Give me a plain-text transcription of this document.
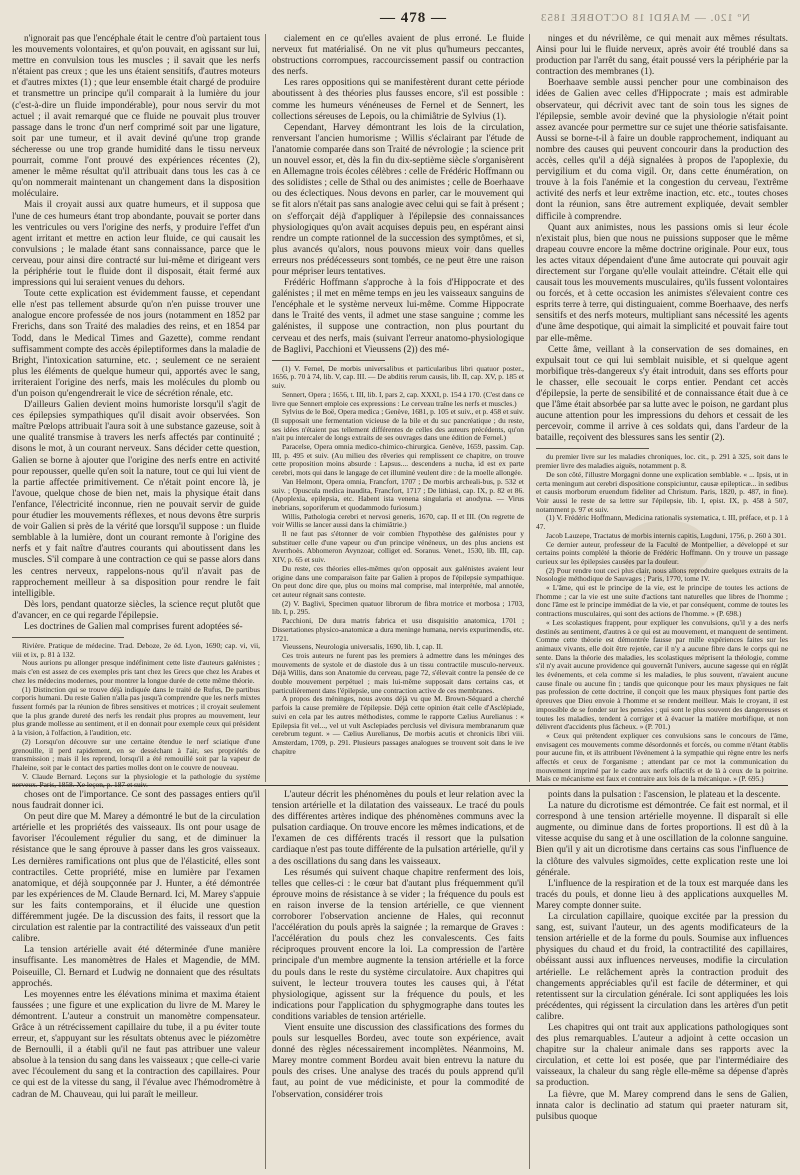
— 478 —	Nº 120. — MARDI 18 OCTOBRE 1853

n'ignorait pas que l'encéphale était le centre d'où partaient tous les mouvements volontaires, et qu'on pouvait, en agissant sur lui, mettre en convulsion tous les muscles ; il savait que les nerfs n'étaient pas creux ; que les uns étaient sensitifs, d'autres moteurs et d'autres mixtes (1) ; que leur ensemble était chargé de produire et transmettre un principe qu'il comparait à la lumière du jour (c'est-à-dire un fluide impondérable), pour nous servir du mot actuel ; il avait remarqué que ce fluide ne pouvait plus trouver passage dans le tronc d'un nerf comprimé soit par une ligature, soit par une tumeur, et il avait deviné qu'une trop grande sécheresse ou une trop grande humidité dans le tissu nerveux pourrait, comme l'ont prouvé des expériences récentes (2), amener le même résultat qu'il attribuait dans tous les cas à ce qu'on nommerait maintenant un changement dans la disposition moléculaire.

Mais il croyait aussi aux quatre humeurs, et il supposa que l'une de ces humeurs étant trop abondante, pouvait se porter dans les ventricules ou vers l'origine des nerfs, y produire l'effet d'un agent irritant et mettre en action leur fluide, ce qui causait les convulsions ; le malade étant sans connaissance, parce que le cerveau, pour ainsi dire contracté sur lui-même et dirigeant vers la périphérie tout le fluide dont il disposait, était fermé aux impressions qui lui seraient venues du dehors.

Toute cette explication est évidemment fausse, et cependant elle n'est pas tellement absurde qu'on n'en puisse trouver une analogue encore professée de nos jours (notamment en 1852 par Frerichs, dans son Traité des maladies des reins, et en 1854 par Todd, dans le Medical Times and Gazette), comme rendant suffisamment compte des accès épileptiformes dans la maladie de Bright, l'intoxication saturnine, etc. ; seulement ce ne seraient plus les éléments de quelque humeur qui, apportés avec le sang, irriteraient l'origine des nerfs, mais les molécules du plomb ou d'un poison qu'engendrerait le vice de sécrétion rénale, etc.

D'ailleurs Galien devient moins humoriste lorsqu'il s'agit de ces épilepsies sympathiques qu'il disait avoir observées. Son maître Pœlops attribuait l'aura soit à une substance gazeuse, soit à une qualité transmise à travers les nerfs affectés par continuité ; disons le mot, à un courant nerveux. Sans décider cette question, Galien se borne à ajouter que l'origine des nerfs entre en activité pour repousser, quelle qu'en soit la nature, tout ce qui lui vient de la partie affectée primitivement. Ce n'était point encore là, je l'avoue, quelque chose de bien net, mais la physique était dans l'enfance, l'électricité inconnue, rien ne pouvait servir de guide pour étudier les mouvements réflexes, et nous devons être surpris de voir Galien si près de la vérité que lorsqu'il suppose : un fluide semblable à la lumière, dont un courant remonte à l'origine des nerfs et y fait naître d'autres courants qui aboutissent dans les muscles. S'il compare à une contraction ce qui se passe alors dans les centres nerveux, rappelons-nous qu'il n'avait pas de rapprochement meilleur à sa disposition pour rendre le fait intelligible.

Dès lors, pendant quatorze siècles, la science reçut plutôt que d'avancer, en ce qui regarde l'épilepsie.

Les doctrines de Galien mal comprises furent adoptées sé-

Rivière. Pratique de médecine. Trad. Deboze, 2e éd. Lyon, 1690; cap. vi, vii, viii et ix, p. 81 à 132.

Nous aurions pu allonger presque indéfiniment cette liste d'auteurs galénistes ; mais c'en est assez de ces exemples pris tant chez les Grecs que chez les Arabes et chez les médecins modernes, pour montrer la longue durée de cette même théorie.

(1) Distinction qui se trouve déjà indiquée dans le traité de Rufus, De partibus corporis humani. Du reste Galien n'alla pas jusqu'à comprendre que les nerfs mixtes fussent formés par la réunion de fibres sensitives et motrices ; il croyait seulement que la plus grande dureté des nerfs les rendait plus propres au mouvement, leur plus grande mollesse au sentiment, et il en donnait pour exemple ceux qui président à la vision, à l'olfaction, à l'audition, etc.

(2) Lorsqu'on découvre sur une certaine étendue le nerf sciatique d'une grenouille, il perd rapidement, en se desséchant à l'air, ses propriétés de transmission ; mais il les reprend, lorsqu'il a été remouillé soit par la vapeur de l'haleine, soit par le contact des parties molles dont on le couvre de nouveau.

V. Claude Bernard. Leçons sur la physiologie et la pathologie du système nerveux. Paris, 1858. Xe leçon, p. 187 et suiv.

cialement en ce qu'elles avaient de plus erroné. Le fluide nerveux fut matérialisé. On ne vit plus qu'humeurs peccantes, obstructions corrompues, raccourcissement passif ou contraction des nerfs.

Les rares oppositions qui se manifestèrent durant cette période aboutissent à des théories plus fausses encore, s'il est possible : comme les humeurs vénéneuses de Fernel et de Sennert, les collections séreuses de Lepois, ou la chimiâtrie de Sylvius (1).

Cependant, Harvey démontrant les lois de la circulation, renversant l'ancien humorisme ; Willis s'éclairant par l'étude de l'anatomie comparée dans son Traité de névrologie ; la science prit un nouvel essor, et, dès la fin du dix-septième siècle s'organisèrent en Allemagne trois écoles célèbres : celle de Frédéric Hoffmann ou des solidistes ; celle de Sthal ou des animistes ; celle de Boerhaave ou des éclectiques. Nous devons en parler, car le mouvement qui se fit alors n'était pas sans analogie avec celui qui se fait à présent ; on s'efforçait déjà d'appliquer à l'épilepsie des connaissances physiologiques qu'on avait acquises depuis peu, en espérant ainsi rendre un compte rationnel de la succession des symptômes, et si, plus avancés qu'alors, nous pouvons mieux voir dans quelles erreurs nos prédécesseurs sont tombés, ce ne peut être une raison pour mépriser leurs tentatives.

Frédéric Hoffmann s'approche à la fois d'Hippocrate et des galénistes ; il met en même temps en jeu les vaisseaux sanguins de l'encéphale et le système nerveux lui-même. Comme Hippocrate dans le Traité des vents, il admet une stase sanguine ; comme les galénistes, il suppose une contraction, non plus pourtant du cerveau et des nerfs, mais (suivant l'erreur anatomo-physiologique de Baglivi, Pacchioni et Vieussens (2)) des mé-

(1) V. Fernel, De morbis universalibus et particularibus libri quatuor poster., 1656, p. 70 à 74, lib. V, cap. III. — De abditis rerum causis, lib. II, cap. XV, p. 185 et suiv.

Sennert, Opera ; 1656, t. III, lib. I, pars 2, cap. XXXI, p. 154 à 170. (C'est dans ce livre que Sennert emploie ces expressions : Le cerveau traîne les nerfs et muscles.)

Sylvius de le Boë, Opera medica ; Genève, 1681, p. 105 et suiv., et p. 458 et suiv. (Il supposait une fermentation vicieuse de la bile et du suc pancréatique ; du reste, ses idées n'étaient pas tellement différentes de celles des auteurs précédents, qu'on n'ait pu intercaler de longs extraits de ses ouvrages dans une édition de Fernel.)

Paracelse, Opera omnia medico-chimico-chirurgica. Genève, 1659, passim. Cap. III, p. 495 et suiv. (Au milieu des rêveries qui remplissent ce chapitre, on trouve cette proposition moins absurde : Lapsus.... descendens a nucha, id est ex parte cerebri, mots qui dans le langage de cet illuminé veulent dire : de la moelle allongée.

Van Helmont, Opera omnia, Francfort, 1707 ; De morbis archeali-bus, p. 532 et suiv. ; Opuscula medica inaudita, Francfort, 1717 ; De lithiasi, cap. IX, p. 82 et 86. (Apoplexia, epilepsia, etc. Habent ista venena singularia et anodyna. — Virus inebrians, soporiferum et quodammodo furiosum.)

Willis, Pathologia cerebri et nervosi generis, 1670, cap. II et III. (On regrette de voir Willis se lancer aussi dans la chimiâtrie.)

Il ne faut pas s'étonner de voir combien l'hypothèse des galénistes pour y substituer celle d'une vapeur ou d'un principe vénéneux, un des plus anciens est Averrhoès. Abhomeron Avynzoar, colliget ed. Soranus. Venet., 1530, lib. III, cap. XIV, p. 65 et suiv.

Du reste, ces théories elles-mêmes qu'on opposait aux galénistes avaient leur origine dans une comparaison faite par Galien à propos de l'épilepsie sympathique. On peut donc dire que, plus ou moins mal comprise, mal interprétée, mal annotée, cet auteur régnait sans conteste.

(2) V. Baglivi, Specimen quatuor librorum de fibra motrice et morbosa ; 1703, lib. I, p. 295.

Pacchioni, De dura matris fabrica et usu disquisitio anatomica, 1701 ; Dissertationes physico-anatomicæ a dura meninge humana, nervis expurimendis, etc. 1721.

Vieussens, Neurologia universalis, 1690, lib. I, cap. II.

Ces trois auteurs ne furent pas les premiers à admettre dans les méninges des mouvements de systole et de diastole dus à un tissu contractile musculo-nerveux. Déjà Willis, dans son Anatomie du cerveau, page 72, s'élevait contre la pensée de ce double mouvement perpétuel ; mais lui-même supposait dans certains cas, et particulièrement dans l'épilepsie, une contraction active de ces membranes.

A propos des méninges, nous avons déjà vu que M. Brown-Séquard a cherché parfois la cause première de l'épilepsie. Déjà cette opinion était celle d'Asclépiade, suivi en cela par les autres méthodistes, comme le rapporte Cælius Aurelianus : « Epilepsia fit vel..., vel ut vult Asclepiades perclusis vel divisura membranarum quæ cerebrum tegunt. » — Cælius Aurelianus, De morbis acutis et chronicis libri viii. Amsterdam, 1709, p. 291. Plusieurs passages analogues se trouvent soit dans le ive chapitre

ninges et du névrilème, ce qui menait aux mêmes résultats. Ainsi pour lui le fluide nerveux, après avoir été troublé dans sa production par l'arrêt du sang, était poussé vers la périphérie par la contraction des membranes (1).

Boerhaave semble aussi pencher pour une combinaison des idées de Galien avec celles d'Hippocrate ; mais est admirable observateur, qui décrivit avec tant de soin tous les signes de l'épilepsie, semble avoir deviné que la physiologie n'était point assez avancée pour permettre sur ce sujet une théorie satisfaisante. Aussi se borne-t-il à faire un double rapprochement, indiquant au nombre des causes qui peuvent concourir dans la production des accès, celles qu'il a déjà signalées à propos de l'apoplexie, du pervigilium et du coma vigil. Or, dans cette énumération, on trouve à la fois l'anémie et la congestion du cerveau, l'extrême activité des nerfs et leur extrême inaction, etc. etc., toutes choses dont la réunion, sans être autrement expliquée, devait sembler difficile à comprendre.

Quant aux animistes, nous les passions omis si leur école n'existait plus, bien que nous ne puissions supposer que le même drapeau couvre encore la même doctrine originale. Pour eux, tous les actes vitaux dépendaient d'une âme autocrate qui pouvait agir directement sur l'organe qu'elle voulait atteindre. C'était elle qui causait tous les mouvements musculaires, qu'ils fussent volontaires ou forcés, et à cette occasion les animistes s'élevaient contre ces esprits terre à terre, qui distinguaient, comme Boerhaave, des nerfs sensitifs et des nerfs moteurs, multipliant sans nécessité les agents d'une âme despotique, qui aimait la simplicité et pouvait faire tout par elle-même.

Cette âme, veillant à la conservation de ses domaines, en expulsait tout ce qui lui semblait nuisible, et si quelque agent morbifique très-dangereux s'y était introduit, dans ses efforts pour le chasser, elle secouait le corps entier. Pendant cet accès d'épilepsie, la perte de sensibilité et de connaissance était due à ce que l'âme était absorbée par sa lutte avec le poison, ne gardant plus aucune attention pour les impressions du dehors et cessait de les percevoir, comme il arrive à ces soldats qui, dans l'ardeur de la bataille, reçoivent des blessures sans les sentir (2).

du premier livre sur les maladies chroniques, loc. cit., p. 291 à 325, soit dans le premier livre des maladies aiguës, notamment p. 8.

De son côté, l'illustre Morgagni donne une explication semblable. « ... Ipsis, ut in certa meningum aut cerebri dispositione conspiciuntur, causæ epilepticæ... in sedibus et causis morborum eruendum fideliter ad Christum. Paris, 1820, p. 487, in fine). Voir aussi le reste de sa lettre sur l'épilepsie, lib. I, epist. IX, p. 458 à 507, notamment p. 97 et suiv.

(1) V. Frédéric Hoffmann, Medicina rationalis systematica, t. III, préface, et p. 1 à 47.

Jacob Lauzepe, Tractatus de morbis internis capitis, Lugduni, 1756, p. 260 à 301.

Ce dernier auteur, professeur de la Faculté de Montpellier, a développé et sur certains points complété la théorie de Frédéric Hoffmann. On y trouve un passage curieux sur les épilepsies causées par la douleur.

(2) Pour rendre tout ceci plus clair, nous allons reproduire quelques extraits de la Nosologie méthodique de Sauvages ; Paris, 1770, tome IV.

« L'âme, qui est le principe de la vie, est le principe de toutes les actions de l'homme ; car la vie est une suite d'actions tant naturelles que libres de l'homme ; donc l'âme est le principe immédiat de la vie, et par conséquent, comme de toutes les contractions musculaires, qui sont des actions de l'homme. » (P. 698.)

« Les scolastiques frappent, pour expliquer les convulsions, qu'il y a des nerfs destinés au sentiment, d'autres à ce qui est au mouvement, et manquent de sentiment. Comme cette théorie est démontrée fausse par mille expériences faites sur les animaux vivants, elle doit être rejetée, car il n'y a aucune fibre dans le corps qui ne sente. Dans la théorie des maladies, les scolastiques méprisent la théologie, comme s'il n'y avait aucune providence qui gouvernât l'univers, aucune sagesse qui en réglât les événements, et cela comme si les maladies, le plus souvent, n'avaient aucune cause finale ou aucune fin ; tandis que quiconque pour les maux physiques ne fait pas profession de cette doctrine, il conçoit que les maux physiques font partie des épreuves que Dieu envoie à l'homme et se rendent meilleur. Mais le croyant, il est impossible de se fonder sur les pensées ; qui sont le plus souvent des dangereuses et toutes les maladies, tendent à corriger et à évacuer la matière morbifique, et non délivrent d'accidents plus fâcheux. » (P. 701.)

« Ceux qui prétendent expliquer ces convulsions sans le concours de l'âme, envisagent ces mouvements comme désordonnés et forcés, ou comme n'étant établis pour aucune fin, et ils attribuent l'événement à la sympathie qui règne entre les nerfs affectés et ceux de l'organisme ; attendant par ce mot la communication du mouvement imprimé par le cadre aux nerfs olfactifs et de là à ceux de la poitrine. Mais ce mécanisme est faux et contraire aux lois de la mécanique. » (P. 695.)

choses ont de l'importance. Ce sont des passages entiers qu'il nous faudrait donner ici.

On peut dire que M. Marey a démontré le but de la circulation artérielle et les propriétés des vaisseaux. Ils ont pour usage de favoriser l'écoulement régulier du sang, et de diminuer la résistance que le sang éprouve à passer dans les gros vaisseaux. Les dernières ramifications ont plus que de l'élasticité, elles sont contractiles. Cette propriété, mise en lumière par l'examen anatomique, et déjà soupçonnée par J. Hunter, a été démontrée par les expériences de M. Claude Bernard. Ici, M. Marey s'appuie sur les faits contemporains, et il élucide une question différemment jugée. De la discussion des faits, il ressort que la circulation est ralentie par la contractilité des vaisseaux d'un petit calibre.

La tension artérielle avait été déterminée d'une manière insuffisante. Les manomètres de Hales et Magendie, de MM. Poiseuille, Cl. Bernard et Ludwig ne donnaient que des résultats approchés.

Les moyennes entre les élévations minima et maxima étaient faussées ; une figure et une explication du livre de M. Marey le démontrent. L'auteur a construit un manomètre compensateur. Grâce à un rétrécissement capillaire du tube, il a pu éviter toute erreur, et, s'appuyant sur les résultats obtenus avec le piézomètre de Bernoulli, il a établi qu'il ne faut pas attribuer une valeur absolue à la tension du sang dans les vaisseaux ; que celle-ci varie avec l'écoulement du sang et la contraction des capillaires. Pour ce qui est de la vitesse du sang, il l'évalue avec l'hémodromètre à cadran de M. Chauveau, qui lui paraît le meilleur.

L'auteur décrit les phénomènes du pouls et leur relation avec la tension artérielle et la dilatation des vaisseaux. Le tracé du pouls des différentes artères indique des phénomènes communs avec la pulsation cardiaque. On trouve encore les mêmes indications, et de l'examen de ces différents tracés il ressort que la pulsation cardiaque n'est pas toute différente de la pulsation artérielle, qu'il y a des oscillations du sang dans les vaisseaux.

Les résumés qui suivent chaque chapitre renferment des lois, telles que celles-ci : le cœur bat d'autant plus fréquemment qu'il éprouve moins de résistance à se vider ; la fréquence du pouls est en raison inverse de la tension artérielle, ce que viennent corroborer l'observation ancienne de Hales, qui reconnut l'accélération du pouls après la saignée ; la remarque de Graves : l'accélération du pouls chez les convalescents. Ces faits réciproques prouvent encore la loi. La compression de l'artère principale d'un membre augmente la tension artérielle et la force du pouls dans le reste du système circulatoire. Aux chapitres qui suivent, le lecteur trouvera toutes les causes qui, à l'état physiologique, agissent sur la fréquence du pouls, et les indications pour l'application du sphygmographe dans toutes les conditions variables de tension artérielle.

Vient ensuite une discussion des classifications des formes du pouls sur lesquelles Bordeu, avec toute son expérience, avait donné des règles nécessairement incomplètes. Néanmoins, M. Marey montre comment Bordeu avait bien entrevu la nature du pouls des crises. Une analyse des tracés du pouls apprend qu'il faut, au point de vue médiciniste, et pour la commodité de l'observation, considérer trois

points dans la pulsation : l'ascension, le plateau et la descente.

La nature du dicrotisme est démontrée. Ce fait est normal, et il correspond à une tension artérielle moyenne. Il disparaît si elle augmente, ou diminue dans de fortes proportions. Il est dû à la vitesse acquise du sang et à une oscillation de la colonne sanguine. Bien qu'il y ait un dicrotisme dans certains cas sous l'influence de la clôture des valvules sigmoïdes, cette explication reste une loi générale.

L'influence de la respiration et de la toux est marquée dans les tracés du pouls, et donne lieu à des applications auxquelles M. Marey compte donner suite.

La circulation capillaire, quoique excitée par la pression du sang, est, suivant l'auteur, un des agents modificateurs de la tension artérielle et de la forme du pouls. Soumise aux influences physiques du chaud et du froid, la contractilité des capillaires, obéissant aussi aux influences nerveuses, modifie la circulation artérielle. Le relâchement après la contraction produit des changements appréciables qu'il est facile de déterminer, et qui retentissent sur la circulation générale. Ici sont appliquées les lois précédentes, qui régissent la circulation dans les artères d'un petit calibre.

Les chapitres qui ont trait aux applications pathologiques sont des plus remarquables. L'auteur a adjoint à cette occasion un chapitre sur la chaleur animale dans ses rapports avec la circulation, et cette loi est posée, que par l'intermédiaire des vaisseaux, la chaleur du sang règle elle-même sa dépense d'après sa production.

La fièvre, que M. Marey comprend dans le sens de Galien, innata calor is declinatio ad statum qui praeter naturam sit, pulsibus quoque
